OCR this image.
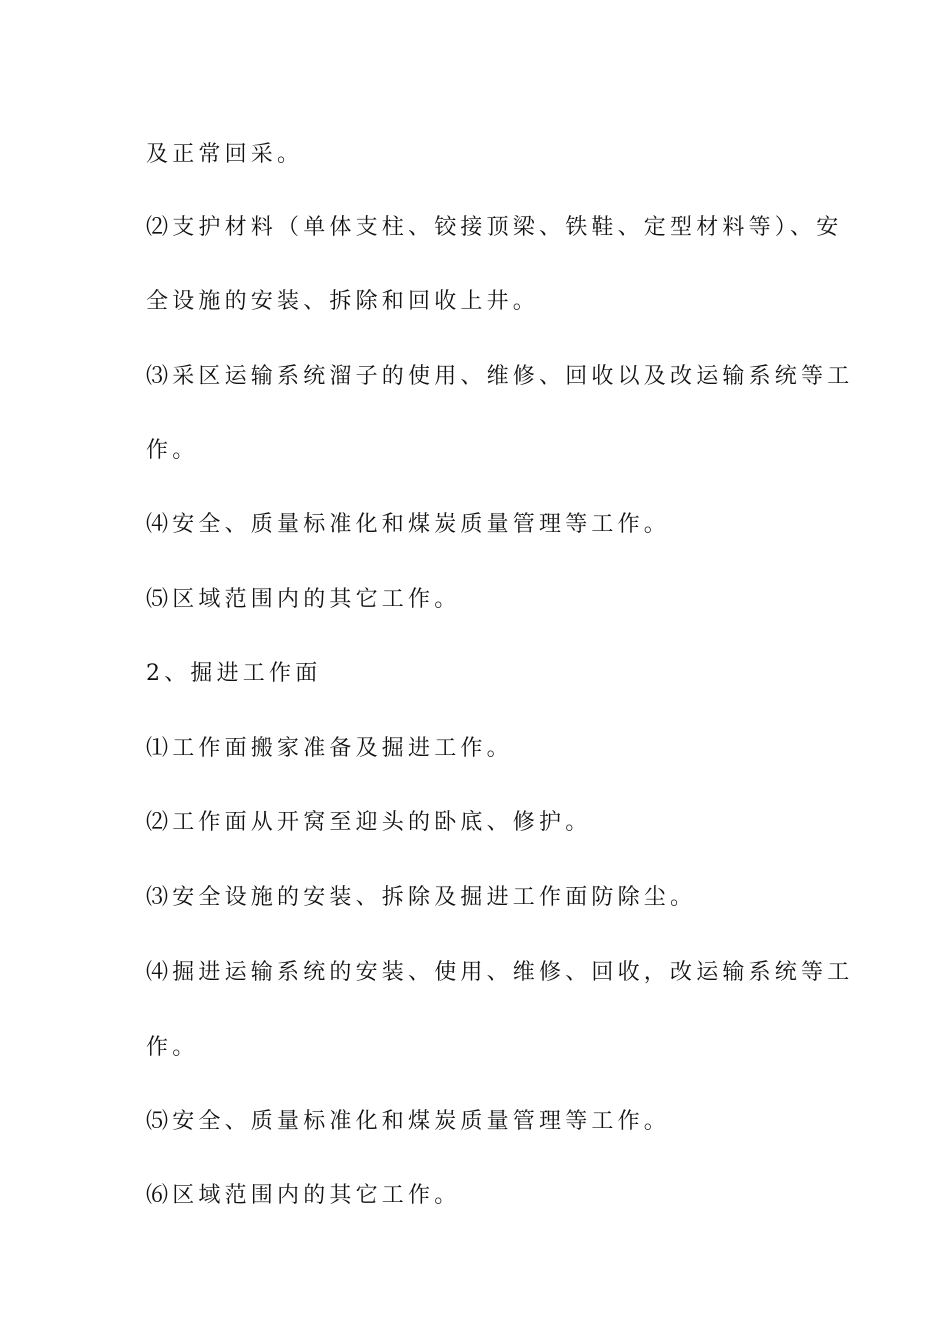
及正常回采。
⑵支护材料（单体支柱、铰接顶梁、铁鞋、定型材料等）、安
全设施的安装、拆除和回收上井。
⑶采区运输系统溜子的使用、维修、回收以及改运输系统等工
作。
⑷安全、质量标准化和煤炭质量管理等工作。
⑸区域范围内的其它工作。
2、掘进工作面
⑴工作面搬家准备及掘进工作。
⑵工作面从开窝至迎头的卧底、修护。
⑶安全设施的安装、拆除及掘进工作面防除尘。
⑷掘进运输系统的安装、使用、维修、回收，改运输系统等工
作。
⑸安全、质量标准化和煤炭质量管理等工作。
⑹区域范围内的其它工作。
